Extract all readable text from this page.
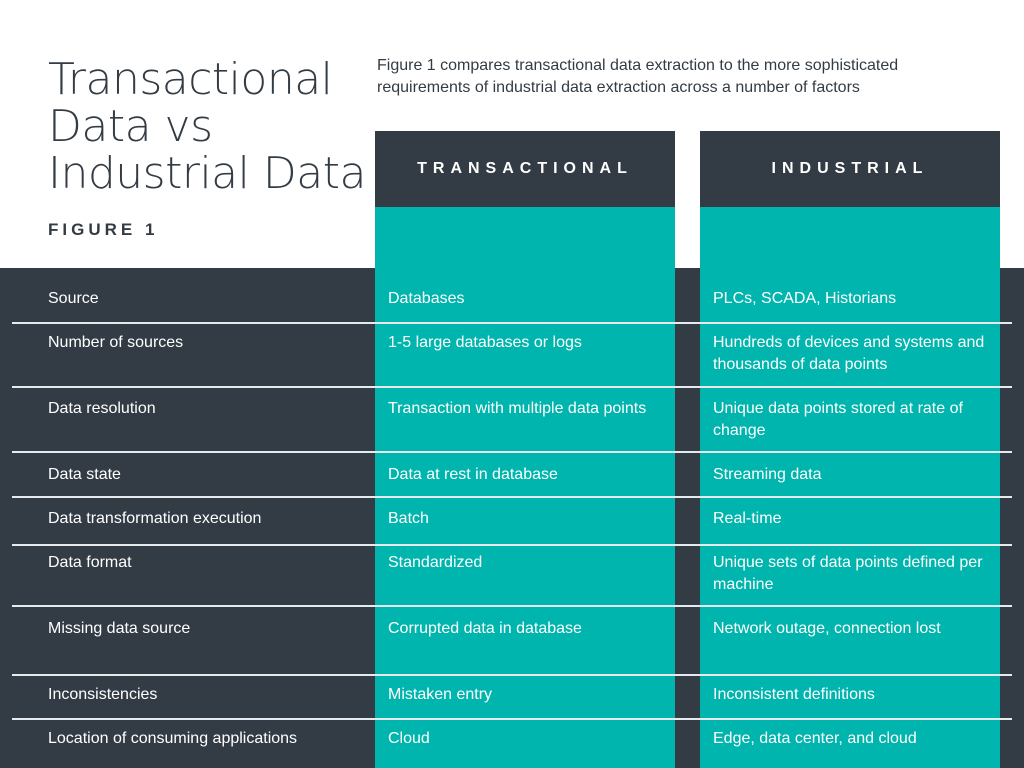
Transactional
Data vs
Industrial Data
FIGURE 1
Figure 1 compares transactional data extraction to the more sophisticated
requirements of industrial data extraction across a number of factors
TRANSACTIONAL	INDUSTRIAL
Source	Databases	PLCs, SCADA, Historians
Number of sources	1-5 large databases or logs	Hundreds of devices and systems and thousands of data points
Data resolution	Transaction with multiple data points	Unique data points stored at rate of change
Data state	Data at rest in database	Streaming data
Data transformation execution	Batch	Real-time
Data format	Standardized	Unique sets of data points defined per machine
Missing data source	Corrupted data in database	Network outage, connection lost
Inconsistencies	Mistaken entry	Inconsistent definitions
Location of consuming applications	Cloud	Edge, data center, and cloud
